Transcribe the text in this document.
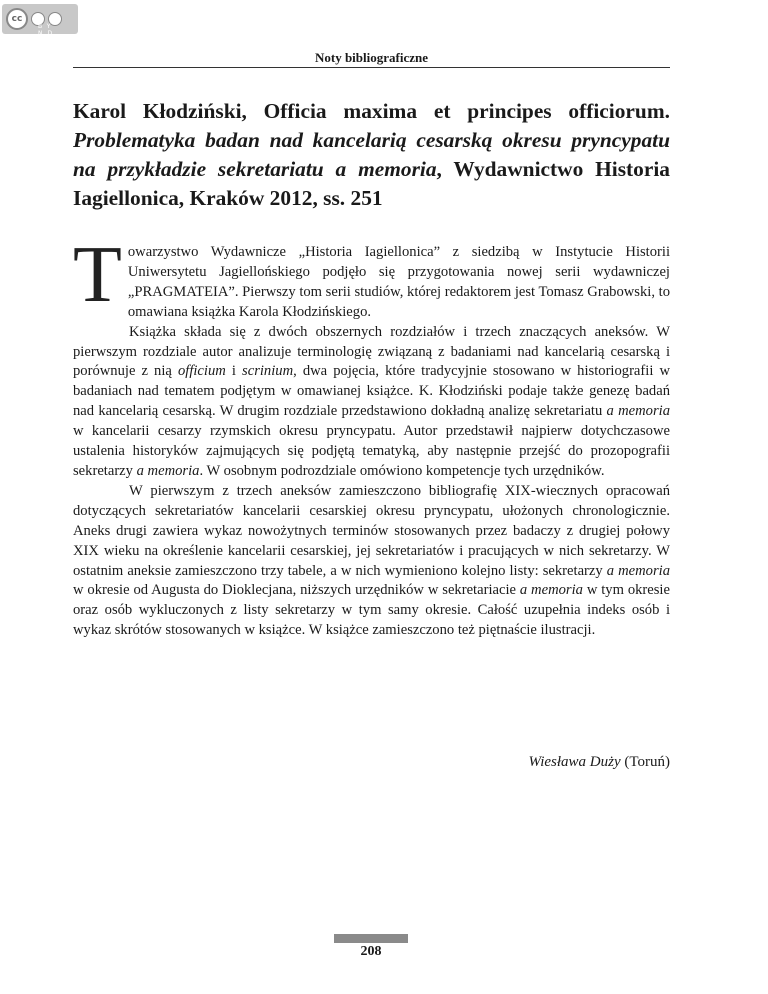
cc
BY ND
Noty bibliograficzne
Karol Kłodziński, Officia maxima et principes officiorum. Problematyka badan nad kancelarią cesarską okresu pryncypatu na przykładzie sekretariatu a memoria, Wydawnictwo Historia Iagiellonica, Kraków 2012, ss. 251

Towarzystwo Wydawnicze „Historia Iagiellonica” z siedzibą w Instytucie Historii Uniwersytetu Jagiellońskiego podjęło się przygotowania nowej serii wydawniczej „PRAGMATEIA”. Pierwszy tom serii studiów, której redaktorem jest Tomasz Grabowski, to omawiana książka Karola Kłodzińskiego.

Książka składa się z dwóch obszernych rozdziałów i trzech znaczących aneksów. W pierwszym rozdziale autor analizuje terminologię związaną z badaniami nad kancelarią cesarską i porównuje z nią officium i scrinium, dwa pojęcia, które tradycyjnie stosowano w historiografii w badaniach nad tematem podjętym w omawianej książce. K. Kłodziński podaje także genezę badań nad kancelarią cesarską. W drugim rozdziale przedstawiono dokładną analizę sekretariatu a memoria w kancelarii cesarzy rzymskich okresu pryncypatu. Autor przedstawił najpierw dotychczasowe ustalenia historyków zajmujących się podjętą tematyką, aby następnie przejść do prozopografii sekretarzy a memoria. W osobnym podrozdziale omówiono kompetencje tych urzędników.

W pierwszym z trzech aneksów zamieszczono bibliografię XIX-wiecznych opracowań dotyczących sekretariatów kancelarii cesarskiej okresu pryncypatu, ułożonych chronologicznie. Aneks drugi zawiera wykaz nowożytnych terminów stosowanych przez badaczy z drugiej połowy XIX wieku na określenie kancelarii cesarskiej, jej sekretariatów i pracujących w nich sekretarzy. W ostatnim aneksie zamieszczono trzy tabele, a w nich wymieniono kolejno listy: sekretarzy a memoria w okresie od Augusta do Dioklecjana, niższych urzędników w sekretariacie a memoria w tym okresie oraz osób wykluczonych z listy sekretarzy w tym samy okresie. Całość uzupełnia indeks osób i wykaz skrótów stosowanych w książce. W książce zamieszczono też piętnaście ilustracji.

Wiesława Duży (Toruń)
208
